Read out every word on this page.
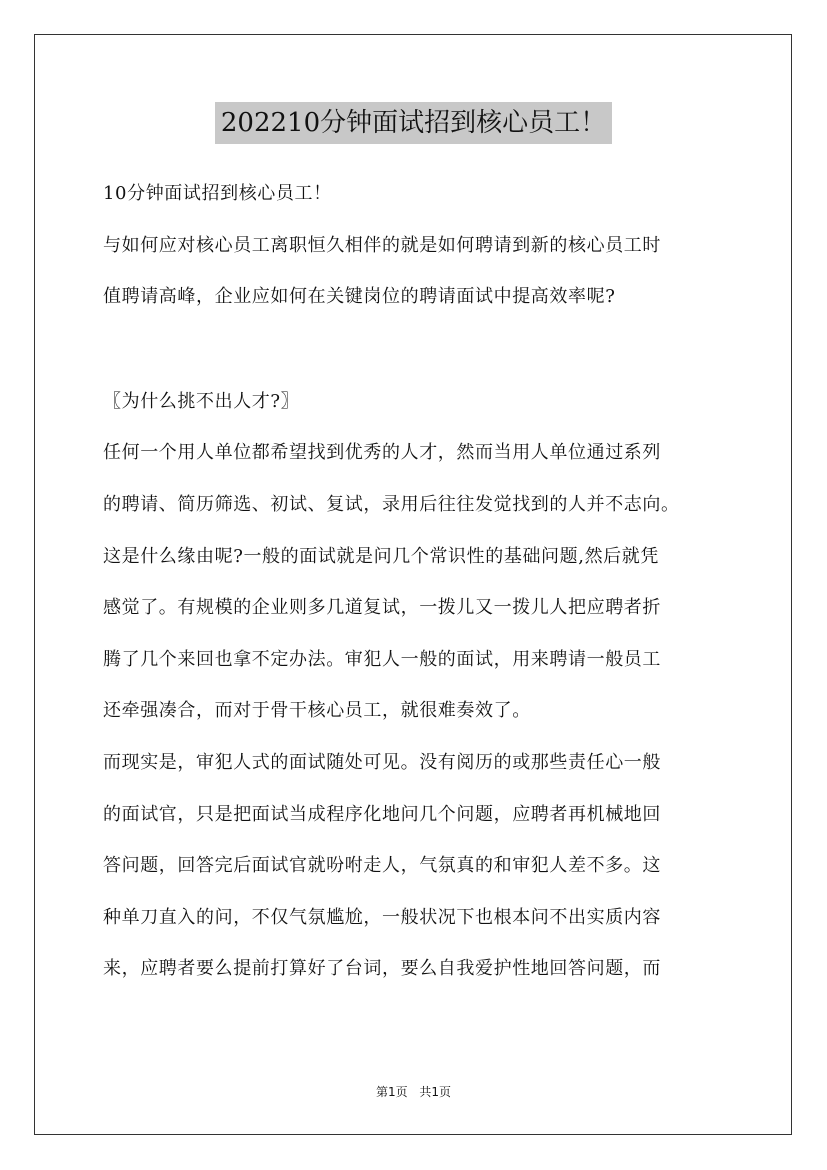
202210分钟面试招到核心员工！
10分钟面试招到核心员工！
与如何应对核心员工离职恒久相伴的就是如何聘请到新的核心员工时
值聘请高峰，企业应如何在关键岗位的聘请面试中提高效率呢?
〖为什么挑不出人才?〗
任何一个用人单位都希望找到优秀的人才，然而当用人单位通过系列
的聘请、简历筛选、初试、复试，录用后往往发觉找到的人并不志向。
这是什么缘由呢?一般的面试就是问几个常识性的基础问题,然后就凭
感觉了。有规模的企业则多几道复试，一拨儿又一拨儿人把应聘者折
腾了几个来回也拿不定办法。审犯人一般的面试，用来聘请一般员工
还牵强凑合，而对于骨干核心员工，就很难奏效了。
而现实是，审犯人式的面试随处可见。没有阅历的或那些责任心一般
的面试官，只是把面试当成程序化地问几个问题，应聘者再机械地回
答问题，回答完后面试官就吩咐走人，气氛真的和审犯人差不多。这
种单刀直入的问，不仅气氛尴尬，一般状况下也根本问不出实质内容
来，应聘者要么提前打算好了台词，要么自我爱护性地回答问题，而
第1页 共1页
